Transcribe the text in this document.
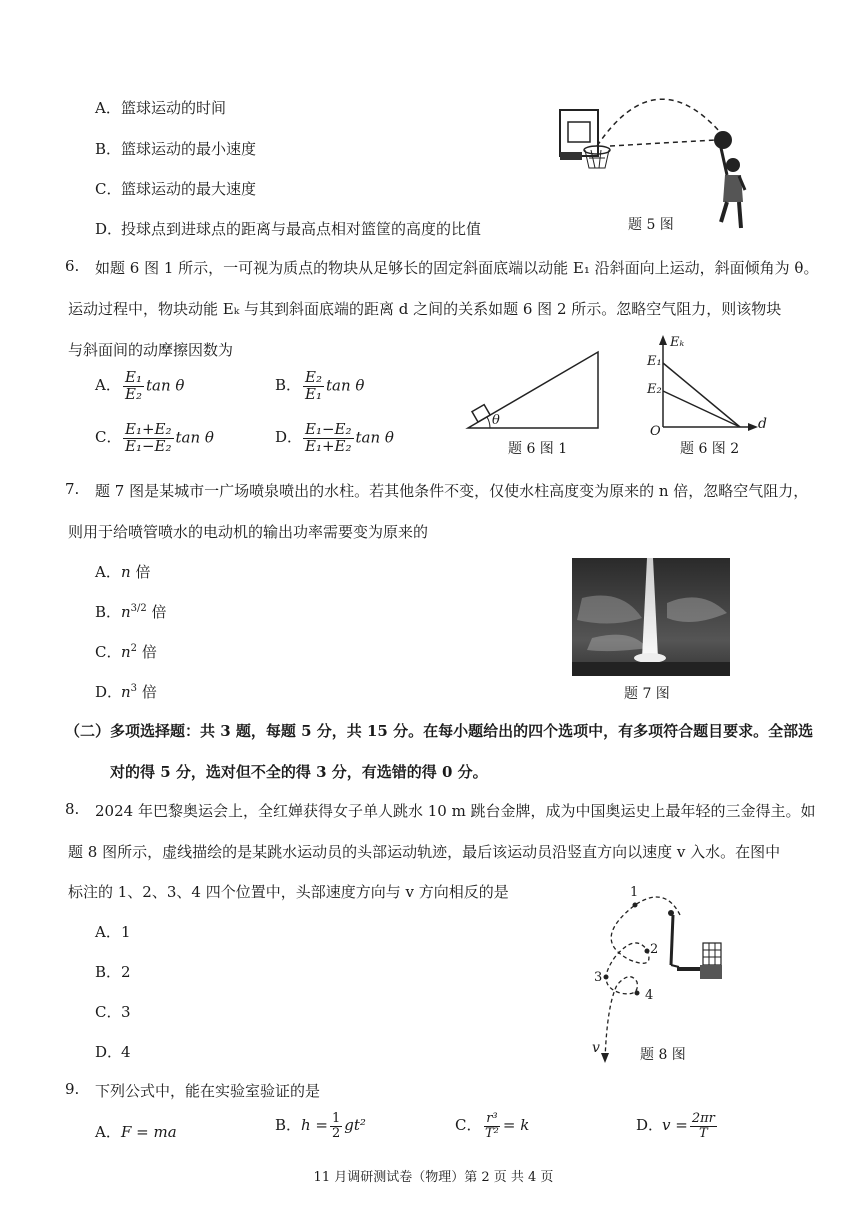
A．篮球运动的时间
B．篮球运动的最小速度
C．篮球运动的最大速度
D．投球点到进球点的距离与最高点相对篮筐的高度的比值	题 5 图
6. 如题 6 图 1 所示，一可视为质点的物块从足够长的固定斜面底端以动能 E₁ 沿斜面向上运动，斜面倾角为 θ。
运动过程中，物块动能 Eₖ 与其到斜面底端的距离 d 之间的关系如题 6 图 2 所示。忽略空气阻力，则该物块
与斜面间的动摩擦因数为
A． $\frac{\text{E₁}}{\text{E₂}}$ tan θ	B． $\frac{\text{E₂}}{\text{E₁}}$ tan θ
C． $\frac{\text{E₁+E₂}}{\text{E₁−E₂}}$ tan θ	D． $\frac{\text{E₁−E₂}}{\text{E₁+E₂}}$ tan θ
θ
题 6 图 1
Eₖ
E₁
E₂
O	d
题 6 图 2
7. 题 7 图是某城市一广场喷泉喷出的水柱。若其他条件不变，仅使水柱高度变为原来的 n 倍，忽略空气阻力，
则用于给喷管喷水的电动机的输出功率需要变为原来的
A．n 倍
B．$n^{3/2}$ 倍
C．$n^2$ 倍
D．$n^3$ 倍	题 7 图
（二）多项选择题：共 3 题，每题 5 分，共 15 分。在每小题给出的四个选项中，有多项符合题目要求。全部选
对的得 5 分，选对但不全的得 3 分，有选错的得 0 分。
8. 2024 年巴黎奥运会上，全红婵获得女子单人跳水 10 m 跳台金牌，成为中国奥运史上最年轻的三金得主。如
题 8 图所示，虚线描绘的是某跳水运动员的头部运动轨迹，最后该运动员沿竖直方向以速度 v 入水。在图中
标注的 1、2、3、4 四个位置中，头部速度方向与 v 方向相反的是
A．1
B．2
C．3
D．4
1
2
3
4
v	题 8 图
9. 下列公式中，能在实验室验证的是
A．F = ma	B．$h = \frac{1}{2} gt^2$	C． $\frac{\text{r³}}{\text{T²}} = k$	D．$v = \frac{2\pi r}{T}$
11 月调研测试卷（物理）第 2 页 共 4 页
